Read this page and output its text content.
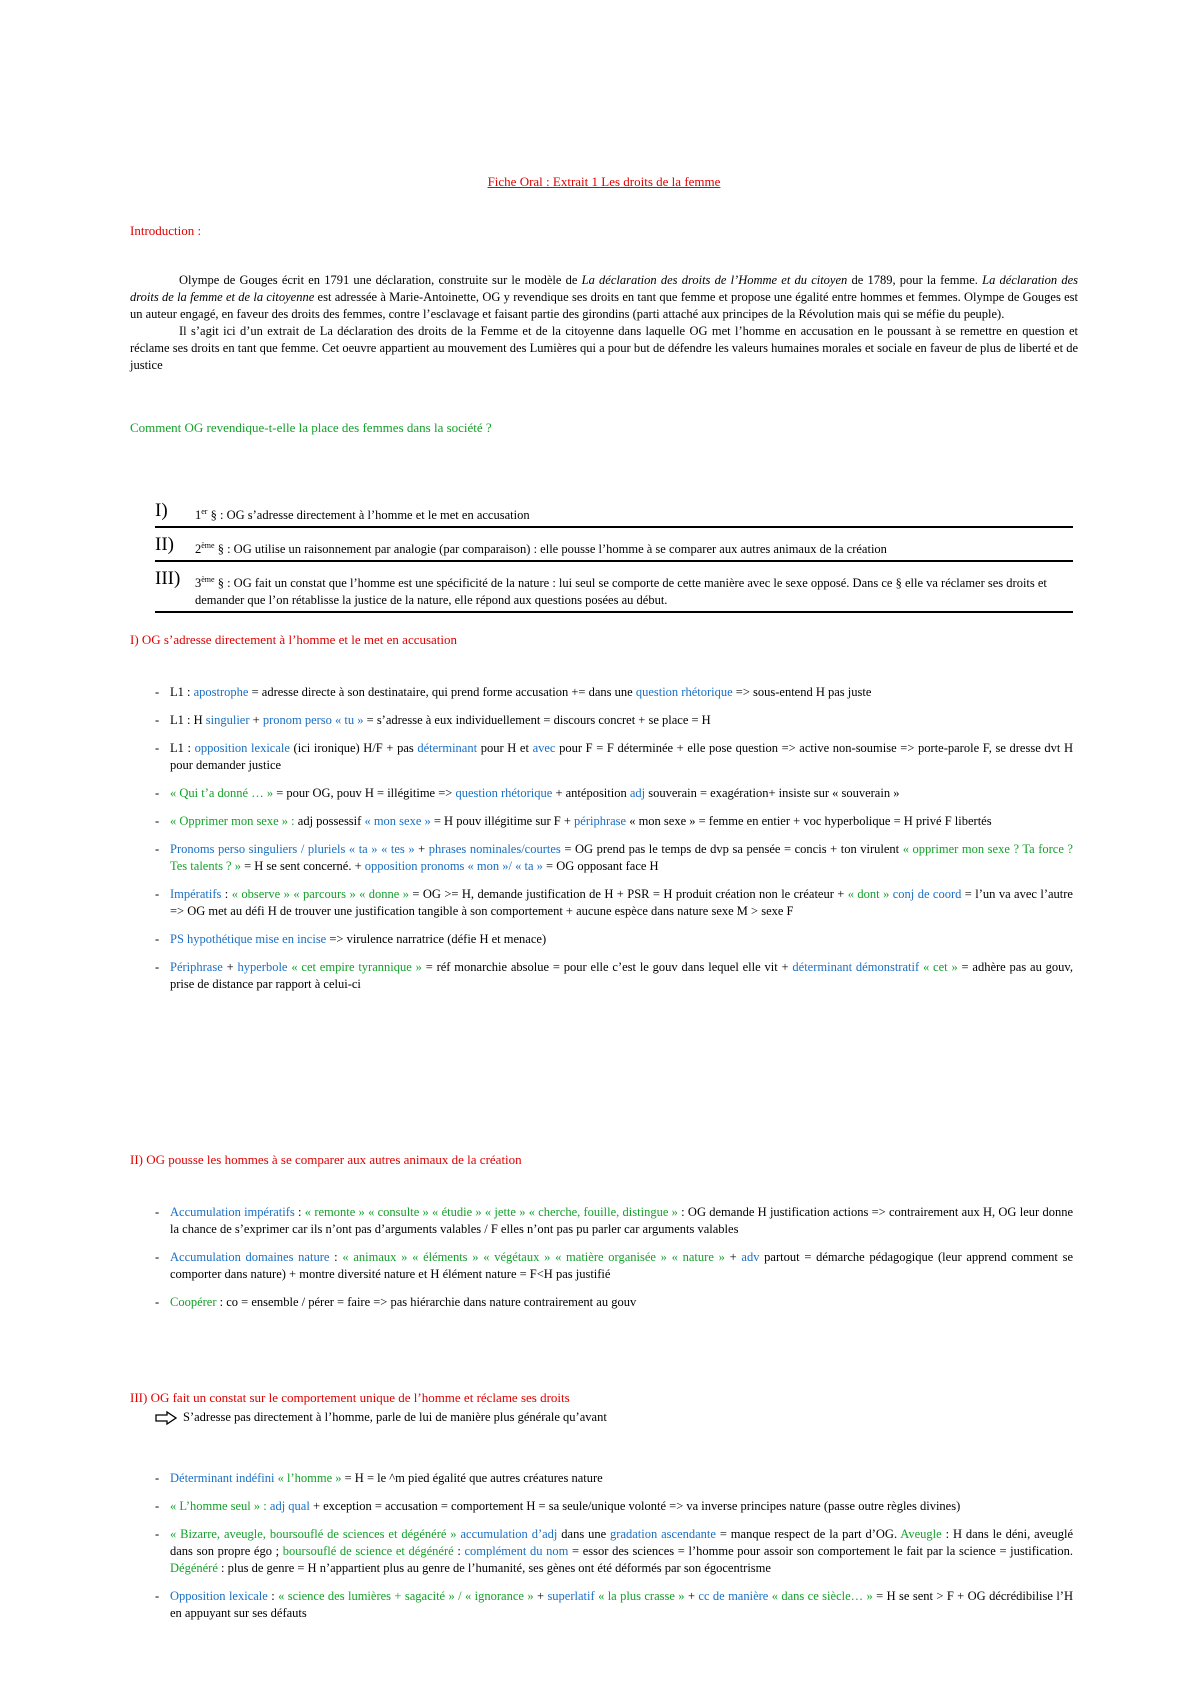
Fiche Oral : Extrait 1 Les droits de la femme
Introduction :

Olympe de Gouges écrit en 1791 une déclaration, construite sur le modèle de La déclaration des droits de l’Homme et du citoyen de 1789, pour la femme. La déclaration des droits de la femme et de la citoyenne est adressée à Marie-Antoinette, OG y revendique ses droits en tant que femme et propose une égalité entre hommes et femmes. Olympe de Gouges est un auteur engagé, en faveur des droits des femmes, contre l’esclavage et faisant partie des girondins (parti attaché aux principes de la Révolution mais qui se méfie du peuple).

Il s’agit ici d’un extrait de La déclaration des droits de la Femme et de la citoyenne dans laquelle OG met l’homme en accusation en le poussant à se remettre en question et réclame ses droits en tant que femme. Cet oeuvre appartient au mouvement des Lumières qui a pour but de défendre les valeurs humaines morales et sociale en faveur de plus de liberté et de justice

Comment OG revendique-t-elle la place des femmes dans la société ?
I) 1er § : OG s’adresse directement à l’homme et le met en accusation
II) 2ème § : OG utilise un raisonnement par analogie (par comparaison) : elle pousse l’homme à se comparer aux autres animaux de la création
III) 3ème § : OG fait un constat que l’homme est une spécificité de la nature : lui seul se comporte de cette manière avec le sexe opposé. Dans ce § elle va réclamer ses droits et demander que l’on rétablisse la justice de la nature, elle répond aux questions posées au début.
I) OG s’adresse directement à l’homme et le met en accusation
- L1 : apostrophe = adresse directe à son destinataire, qui prend forme accusation += dans une question rhétorique => sous-entend H pas juste
- L1 : H singulier + pronom perso « tu » = s’adresse à eux individuellement = discours concret + se place = H
- L1 : opposition lexicale (ici ironique) H/F + pas déterminant pour H et avec pour F = F déterminée + elle pose question => active non-soumise => porte-parole F, se dresse dvt H pour demander justice
- « Qui t’a donné … » = pour OG, pouv H = illégitime => question rhétorique + antéposition adj souverain = exagération+ insiste sur « souverain »
- « Opprimer mon sexe » : adj possessif « mon sexe » = H pouv illégitime sur F + périphrase « mon sexe » = femme en entier + voc hyperbolique = H privé F libertés
- Pronoms perso singuliers / pluriels « ta » « tes » + phrases nominales/courtes = OG prend pas le temps de dvp sa pensée = concis + ton virulent « opprimer mon sexe ? Ta force ? Tes talents ? » = H se sent concerné. + opposition pronoms « mon »/ « ta » = OG opposant face H
- Impératifs : « observe » « parcours » « donne » = OG >= H, demande justification de H + PSR = H produit création non le créateur + « dont » conj de coord = l’un va avec l’autre => OG met au défi H de trouver une justification tangible à son comportement + aucune espèce dans nature sexe M > sexe F
- PS hypothétique mise en incise => virulence narratrice (défie H et menace)
- Périphrase + hyperbole « cet empire tyrannique » = réf monarchie absolue = pour elle c’est le gouv dans lequel elle vit + déterminant démonstratif « cet » = adhère pas au gouv, prise de distance par rapport à celui-ci
II) OG pousse les hommes à se comparer aux autres animaux de la création
- Accumulation impératifs : « remonte » « consulte » « étudie » « jette » « cherche, fouille, distingue » : OG demande H justification actions => contrairement aux H, OG leur donne la chance de s’exprimer car ils n’ont pas d’arguments valables / F elles n’ont pas pu parler car arguments valables
- Accumulation domaines nature : « animaux » « éléments » « végétaux » « matière organisée » « nature » + adv partout = démarche pédagogique (leur apprend comment se comporter dans nature) + montre diversité nature et H élément nature = F<H pas justifié
- Coopérer : co = ensemble / pérer = faire => pas hiérarchie dans nature contrairement au gouv
III) OG fait un constat sur le comportement unique de l’homme et réclame ses droits
S’adresse pas directement à l’homme, parle de lui de manière plus générale qu’avant
- Déterminant indéfini « l’homme » = H = le ^m pied égalité que autres créatures nature
- « L’homme seul » : adj qual + exception = accusation = comportement H = sa seule/unique volonté => va inverse principes nature (passe outre règles divines)
- « Bizarre, aveugle, boursouflé de sciences et dégénéré » accumulation d’adj dans une gradation ascendante = manque respect de la part d’OG. Aveugle : H dans le déni, aveuglé dans son propre égo ; boursouflé de science et dégénéré : complément du nom = essor des sciences = l’homme pour assoir son comportement le fait par la science = justification. Dégénéré : plus de genre = H n’appartient plus au genre de l’humanité, ses gènes ont été déformés par son égocentrisme
- Opposition lexicale : « science des lumières + sagacité » / « ignorance » + superlatif « la plus crasse » + cc de manière « dans ce siècle… » = H se sent > F + OG décrédibilise l’H en appuyant sur ses défauts
